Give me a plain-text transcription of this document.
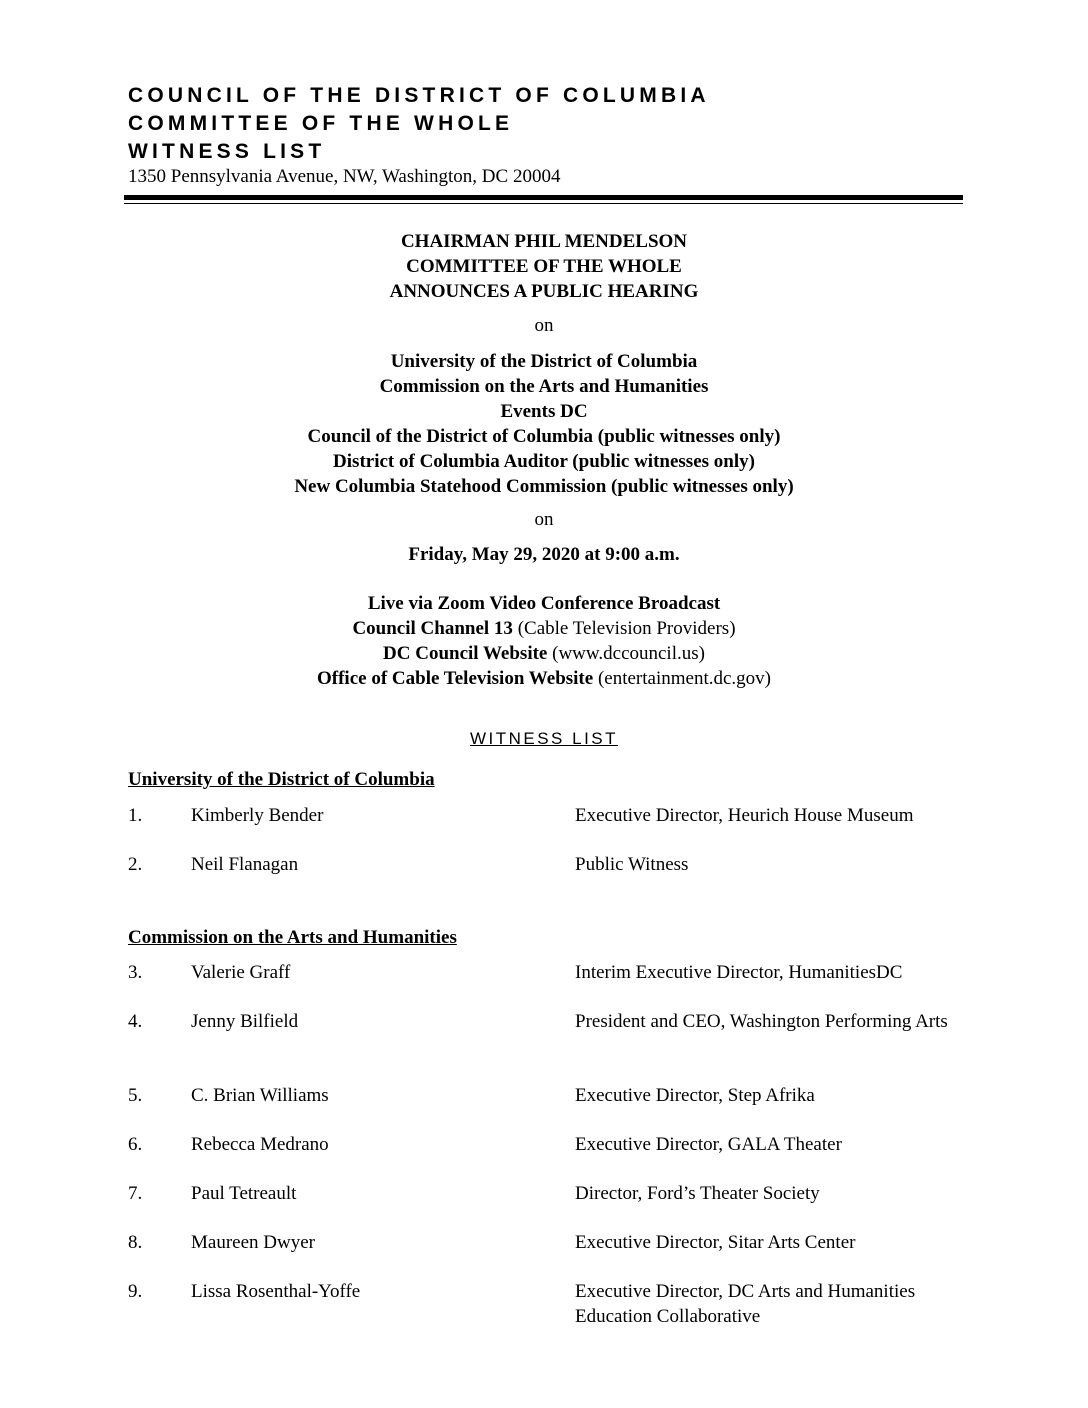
COUNCIL OF THE DISTRICT OF COLUMBIA
COMMITTEE OF THE WHOLE
WITNESS LIST
1350 Pennsylvania Avenue, NW, Washington, DC 20004
CHAIRMAN PHIL MENDELSON
COMMITTEE OF THE WHOLE
ANNOUNCES A PUBLIC HEARING
on
University of the District of Columbia
Commission on the Arts and Humanities
Events DC
Council of the District of Columbia (public witnesses only)
District of Columbia Auditor (public witnesses only)
New Columbia Statehood Commission (public witnesses only)
on
Friday, May 29, 2020 at 9:00 a.m.
Live via Zoom Video Conference Broadcast
Council Channel 13 (Cable Television Providers)
DC Council Website (www.dccouncil.us)
Office of Cable Television Website (entertainment.dc.gov)
WITNESS LIST
University of the District of Columbia
1.	Kimberly Bender	Executive Director, Heurich House Museum
2.	Neil Flanagan	Public Witness
Commission on the Arts and Humanities
3.	Valerie Graff	Interim Executive Director, HumanitiesDC
4.	Jenny Bilfield	President and CEO, Washington Performing Arts
5.	C. Brian Williams	Executive Director, Step Afrika
6.	Rebecca Medrano	Executive Director, GALA Theater
7.	Paul Tetreault	Director, Ford’s Theater Society
8.	Maureen Dwyer	Executive Director, Sitar Arts Center
9.	Lissa Rosenthal-Yoffe	Executive Director, DC Arts and Humanities Education Collaborative
